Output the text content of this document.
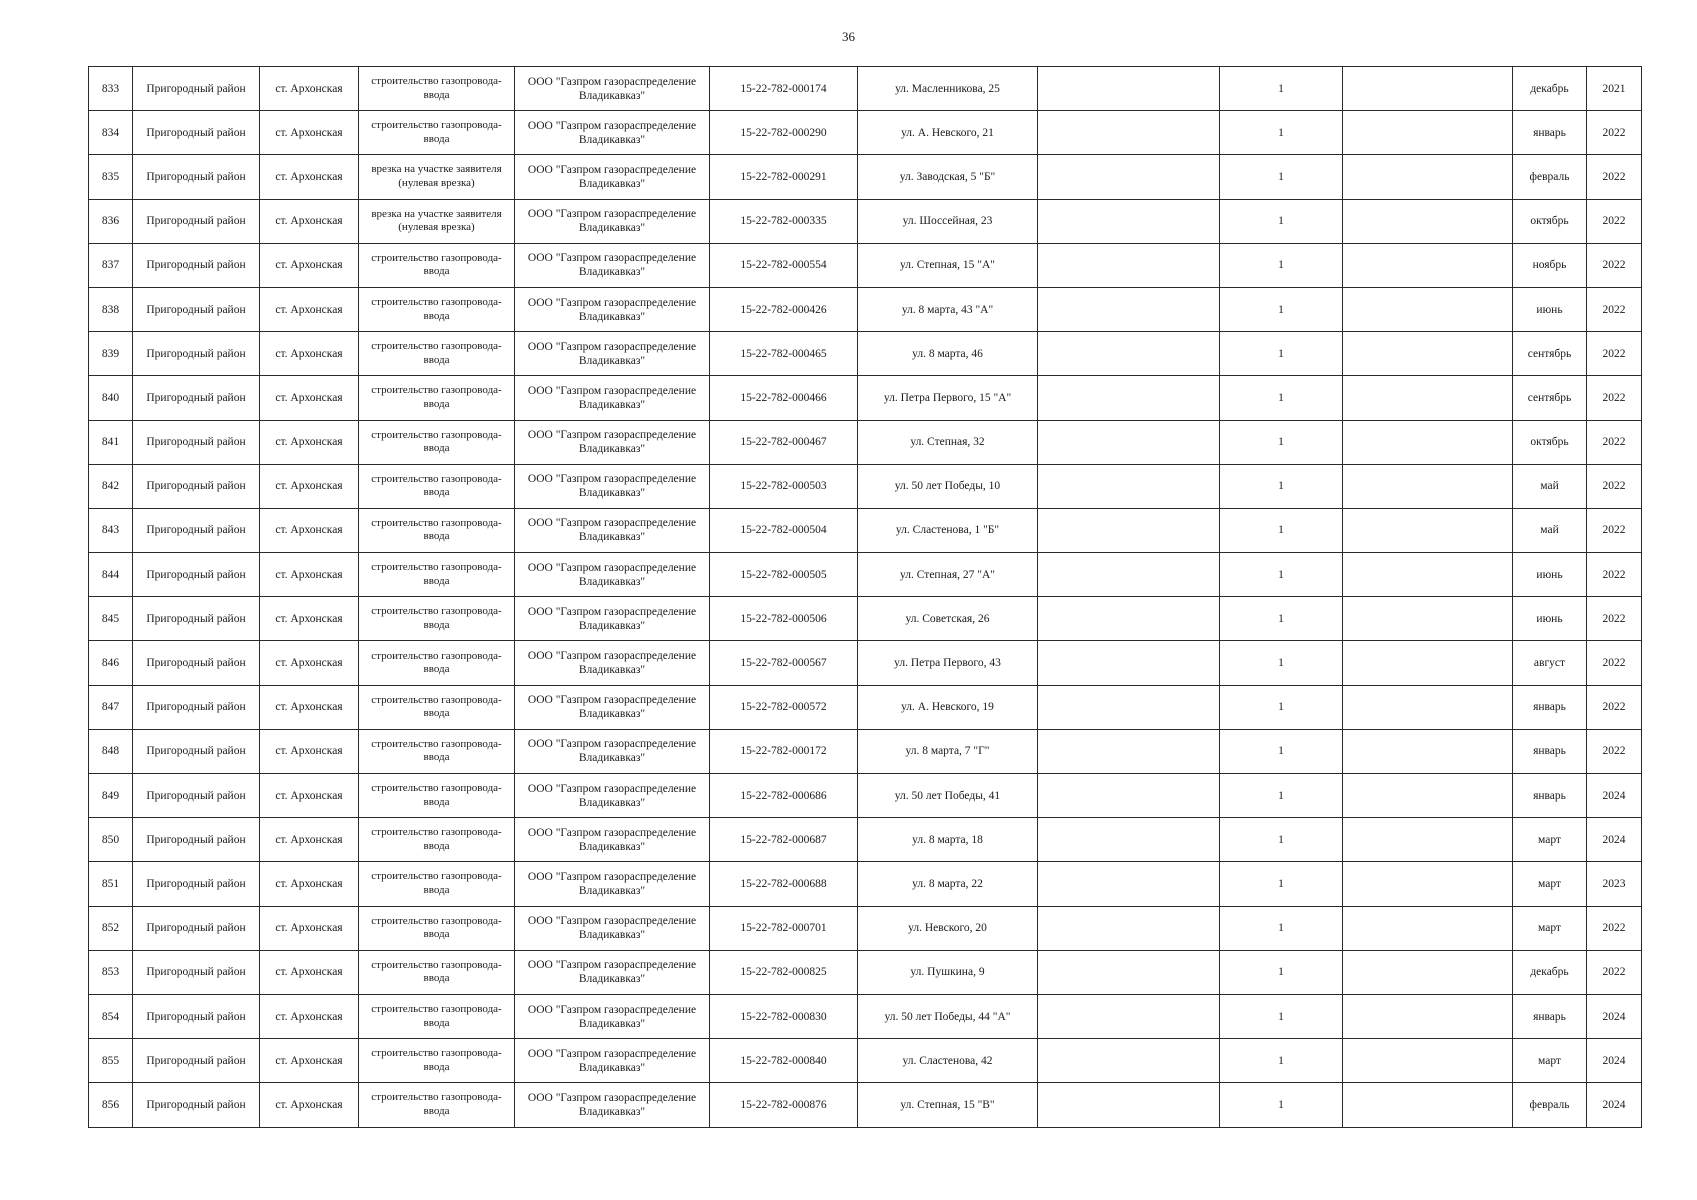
36
833	Пригородный район	ст. Архонская	строительство газопровода-ввода	ООО "Газпром газораспределение Владикавказ"	15-22-782-000174	ул. Масленникова, 25		1		декабрь	2021
834	Пригородный район	ст. Архонская	строительство газопровода-ввода	ООО "Газпром газораспределение Владикавказ"	15-22-782-000290	ул. А. Невского, 21		1		январь	2022
835	Пригородный район	ст. Архонская	врезка на участке заявителя (нулевая врезка)	ООО "Газпром газораспределение Владикавказ"	15-22-782-000291	ул. Заводская, 5 "Б"		1		февраль	2022
836	Пригородный район	ст. Архонская	врезка на участке заявителя (нулевая врезка)	ООО "Газпром газораспределение Владикавказ"	15-22-782-000335	ул. Шоссейная, 23		1		октябрь	2022
837	Пригородный район	ст. Архонская	строительство газопровода-ввода	ООО "Газпром газораспределение Владикавказ"	15-22-782-000554	ул. Степная, 15 "А"		1		ноябрь	2022
838	Пригородный район	ст. Архонская	строительство газопровода-ввода	ООО "Газпром газораспределение Владикавказ"	15-22-782-000426	ул. 8 марта, 43 "А"		1		июнь	2022
839	Пригородный район	ст. Архонская	строительство газопровода-ввода	ООО "Газпром газораспределение Владикавказ"	15-22-782-000465	ул. 8 марта, 46		1		сентябрь	2022
840	Пригородный район	ст. Архонская	строительство газопровода-ввода	ООО "Газпром газораспределение Владикавказ"	15-22-782-000466	ул. Петра Первого, 15 "А"		1		сентябрь	2022
841	Пригородный район	ст. Архонская	строительство газопровода-ввода	ООО "Газпром газораспределение Владикавказ"	15-22-782-000467	ул. Степная, 32		1		октябрь	2022
842	Пригородный район	ст. Архонская	строительство газопровода-ввода	ООО "Газпром газораспределение Владикавказ"	15-22-782-000503	ул. 50 лет Победы, 10		1		май	2022
843	Пригородный район	ст. Архонская	строительство газопровода-ввода	ООО "Газпром газораспределение Владикавказ"	15-22-782-000504	ул. Сластенова, 1 "Б"		1		май	2022
844	Пригородный район	ст. Архонская	строительство газопровода-ввода	ООО "Газпром газораспределение Владикавказ"	15-22-782-000505	ул. Степная, 27 "А"		1		июнь	2022
845	Пригородный район	ст. Архонская	строительство газопровода-ввода	ООО "Газпром газораспределение Владикавказ"	15-22-782-000506	ул. Советская, 26		1		июнь	2022
846	Пригородный район	ст. Архонская	строительство газопровода-ввода	ООО "Газпром газораспределение Владикавказ"	15-22-782-000567	ул. Петра Первого, 43		1		август	2022
847	Пригородный район	ст. Архонская	строительство газопровода-ввода	ООО "Газпром газораспределение Владикавказ"	15-22-782-000572	ул. А. Невского, 19		1		январь	2022
848	Пригородный район	ст. Архонская	строительство газопровода-ввода	ООО "Газпром газораспределение Владикавказ"	15-22-782-000172	ул. 8 марта, 7 "Г"		1		январь	2022
849	Пригородный район	ст. Архонская	строительство газопровода-ввода	ООО "Газпром газораспределение Владикавказ"	15-22-782-000686	ул. 50 лет Победы, 41		1		январь	2024
850	Пригородный район	ст. Архонская	строительство газопровода-ввода	ООО "Газпром газораспределение Владикавказ"	15-22-782-000687	ул. 8 марта, 18		1		март	2024
851	Пригородный район	ст. Архонская	строительство газопровода-ввода	ООО "Газпром газораспределение Владикавказ"	15-22-782-000688	ул. 8 марта, 22		1		март	2023
852	Пригородный район	ст. Архонская	строительство газопровода-ввода	ООО "Газпром газораспределение Владикавказ"	15-22-782-000701	ул. Невского, 20		1		март	2022
853	Пригородный район	ст. Архонская	строительство газопровода-ввода	ООО "Газпром газораспределение Владикавказ"	15-22-782-000825	ул. Пушкина, 9		1		декабрь	2022
854	Пригородный район	ст. Архонская	строительство газопровода-ввода	ООО "Газпром газораспределение Владикавказ"	15-22-782-000830	ул. 50 лет Победы, 44 "А"		1		январь	2024
855	Пригородный район	ст. Архонская	строительство газопровода-ввода	ООО "Газпром газораспределение Владикавказ"	15-22-782-000840	ул. Сластенова, 42		1		март	2024
856	Пригородный район	ст. Архонская	строительство газопровода-ввода	ООО "Газпром газораспределение Владикавказ"	15-22-782-000876	ул. Степная, 15 "В"		1		февраль	2024
